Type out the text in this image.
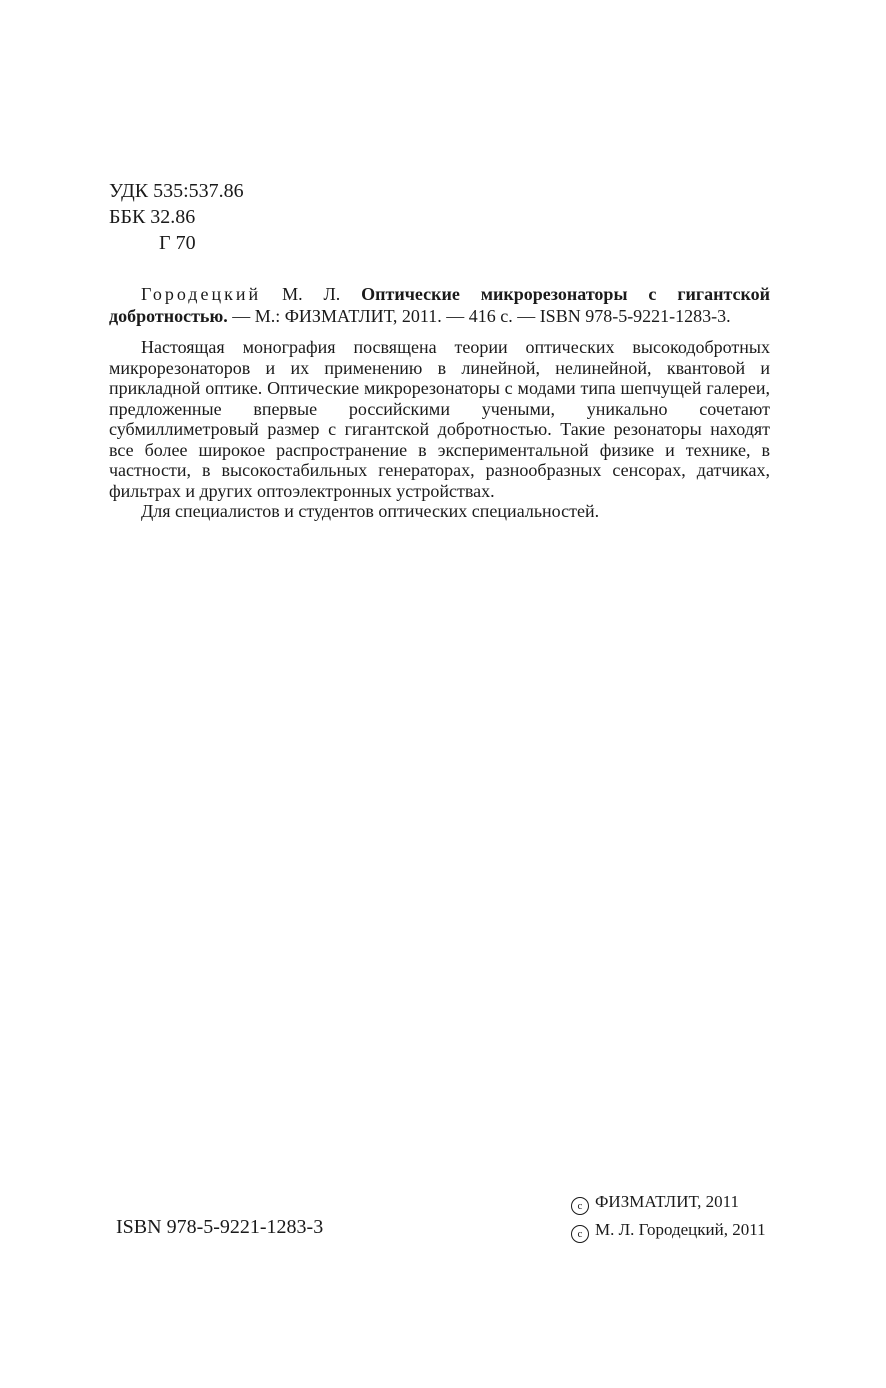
УДК 535:537.86
ББК 32.86
Г 70
Городецкий М. Л. Оптические микрорезонаторы с гигантской добротностью. — М.: ФИЗМАТЛИТ, 2011. — 416 с. — ISBN 978-5-9221-1283-3.

Настоящая монография посвящена теории оптических высокодобротных микрорезонаторов и их применению в линейной, нелинейной, квантовой и прикладной оптике. Оптические микрорезонаторы с модами типа шепчущей галереи, предложенные впервые российскими учеными, уникально сочетают субмиллиметровый размер с гигантской добротностью. Такие резонаторы находят все более широкое распространение в экспериментальной физике и технике, в частности, в высокостабильных генераторах, разнообразных сенсорах, датчиках, фильтрах и других оптоэлектронных устройствах.

Для специалистов и студентов оптических специальностей.

ISBN 978-5-9221-1283-3
c ФИЗМАТЛИТ, 2011
c М. Л. Городецкий, 2011
